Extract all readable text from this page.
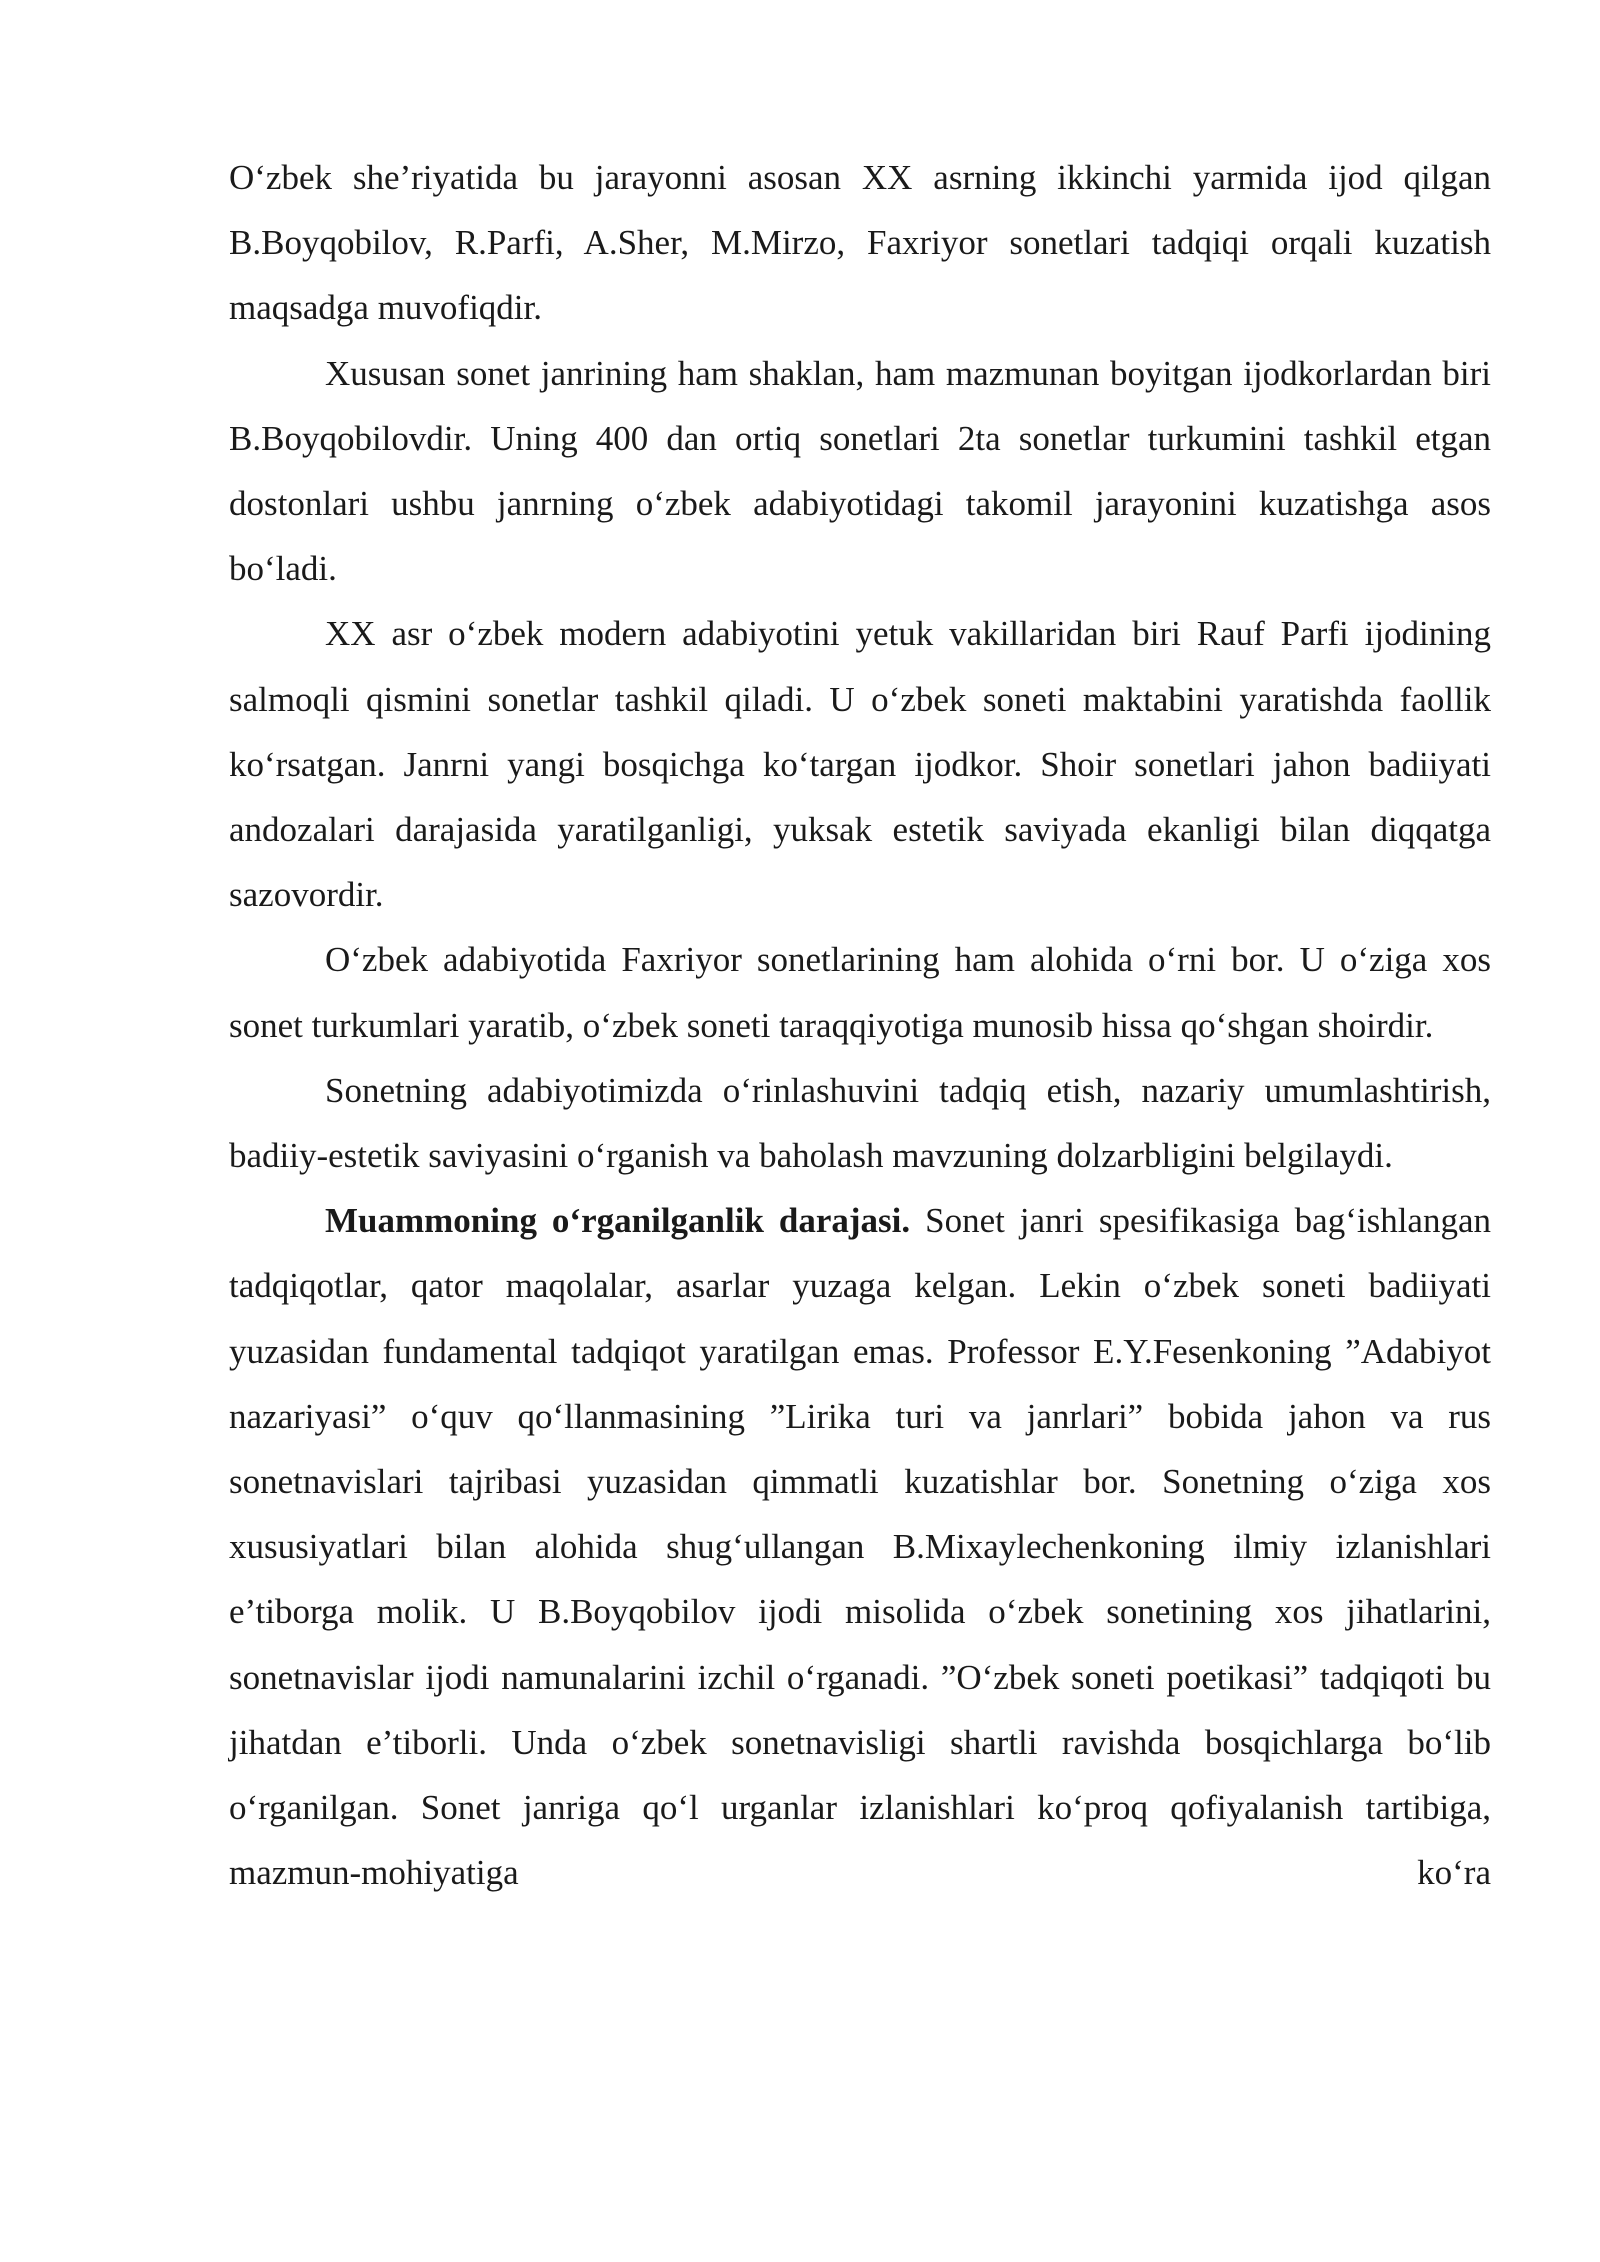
O‘zbek she’riyatida bu jarayonni asosan XX asrning ikkinchi yarmida ijod qilgan B.Boyqobilov, R.Parfi, A.Sher, M.Mirzo, Faxriyor sonetlari tadqiqi orqali kuzatish maqsadga muvofiqdir.

Xususan sonet janrining ham shaklan, ham mazmunan boyitgan ijodkorlardan biri B.Boyqobilovdir. Uning 400 dan ortiq sonetlari 2ta sonetlar turkumini tashkil etgan dostonlari ushbu janrning o‘zbek adabiyotidagi takomil jarayonini kuzatishga asos bo‘ladi.

XX asr o‘zbek modern adabiyotini yetuk vakillaridan biri Rauf Parfi ijodining salmoqli qismini sonetlar tashkil qiladi. U o‘zbek soneti maktabini yaratishda faollik ko‘rsatgan. Janrni yangi bosqichga ko‘targan ijodkor. Shoir sonetlari jahon badiiyati andozalari darajasida yaratilganligi, yuksak estetik saviyada ekanligi bilan diqqatga sazovordir.

O‘zbek adabiyotida Faxriyor sonetlarining ham alohida o‘rni bor. U o‘ziga xos sonet turkumlari yaratib, o‘zbek soneti taraqqiyotiga munosib hissa qo‘shgan shoirdir.

Sonetning adabiyotimizda o‘rinlashuvini tadqiq etish, nazariy umumlashtirish, badiiy-estetik saviyasini o‘rganish va baholash mavzuning dolzarbligini belgilaydi.

Muammoning o‘rganilganlik darajasi. Sonet janri spesifikasiga bag‘ishlangan tadqiqotlar, qator maqolalar, asarlar yuzaga kelgan. Lekin o‘zbek soneti badiiyati yuzasidan fundamental tadqiqot yaratilgan emas. Professor E.Y.Fesenkoning ”Adabiyot nazariyasi” o‘quv qo‘llanmasining ”Lirika turi va janrlari” bobida jahon va rus sonetnavislari tajribasi yuzasidan qimmatli kuzatishlar bor. Sonetning o‘ziga xos xususiyatlari bilan alohida shug‘ullangan B.Mixaylechenkoning ilmiy izlanishlari e’tiborga molik. U B.Boyqobilov ijodi misolida o‘zbek sonetining xos jihatlarini, sonetnavislar ijodi namunalarini izchil o‘rganadi. ”O‘zbek soneti poetikasi” tadqiqoti bu jihatdan e’tiborli. Unda o‘zbek sonetnavisligi shartli ravishda bosqichlarga bo‘lib o‘rganilgan. Sonet janriga qo‘l urganlar izlanishlari ko‘proq qofiyalanish tartibiga, mazmun-mohiyatiga ko‘ra
